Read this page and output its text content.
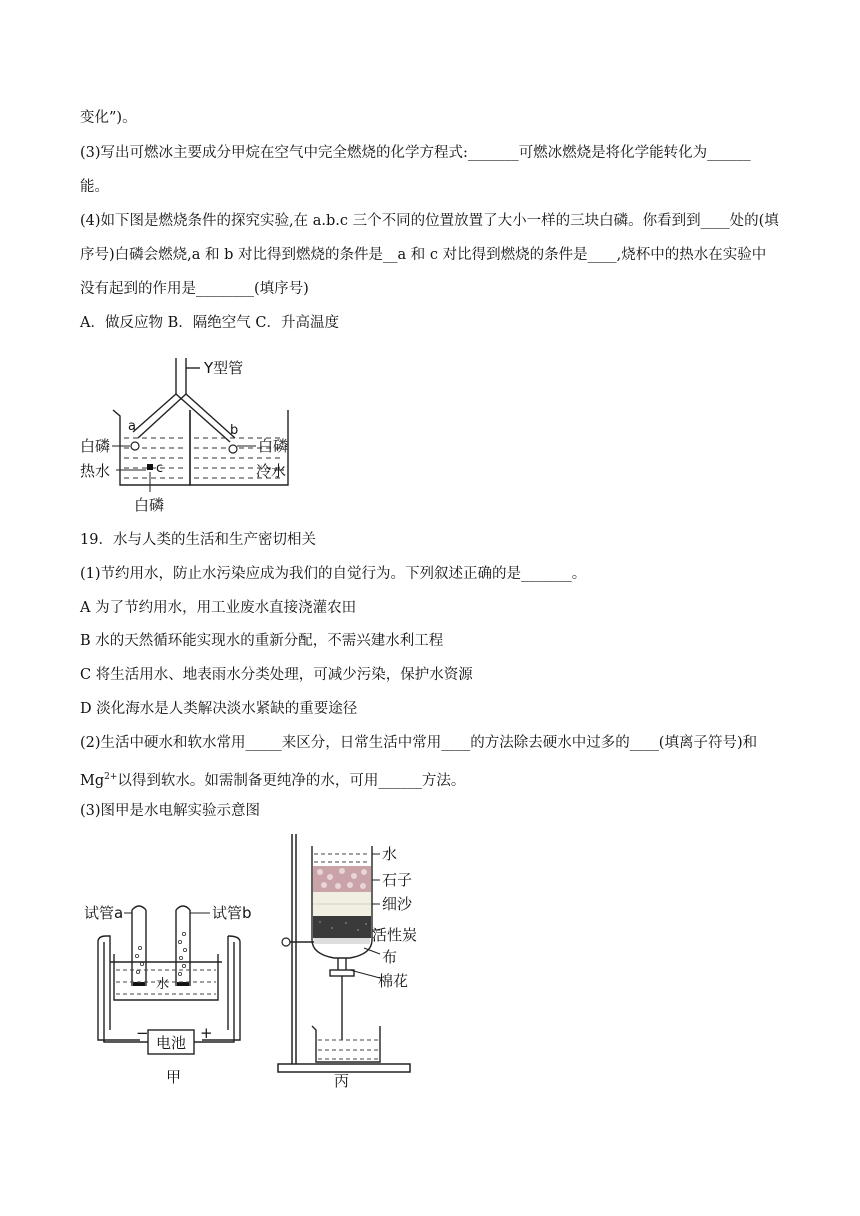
变化”)。
(3)写出可燃冰主要成分甲烷在空气中完全燃烧的化学方程式:_______可燃冰燃烧是将化学能转化为______
能。
(4)如下图是燃烧条件的探究实验,在 a.b.c 三个不同的位置放置了大小一样的三块白磷。你看到到____处的(填
序号)白磷会燃烧,a 和 b 对比得到燃烧的条件是__a 和 c 对比得到燃烧的条件是____,烧杯中的热水在实验中
没有起到的作用是________(填序号)
A．做反应物 B．隔绝空气 C．升高温度
Y型管
a	b
c
白磷	白磷
热水	冷水
白磷
19．水与人类的生活和生产密切相关
(1)节约用水，防止水污染应成为我们的自觉行为。下列叙述正确的是_______。
A 为了节约用水，用工业废水直接浇灌农田
B 水的天然循环能实现水的重新分配，不需兴建水利工程
C 将生活用水、地表雨水分类处理，可减少污染，保护水资源
D 淡化海水是人类解决淡水紧缺的重要途径
(2)生活中硬水和软水常用_____来区分，日常生活中常用____的方法除去硬水中过多的____(填离子符号)和
$Mg^{2+}$以得到软水。如需制备更纯净的水，可用______方法。
(3)图甲是水电解实验示意图
试管a	试管b
水
−	+
电池
甲
水
石子
细沙
活性炭
布
棉花
丙
